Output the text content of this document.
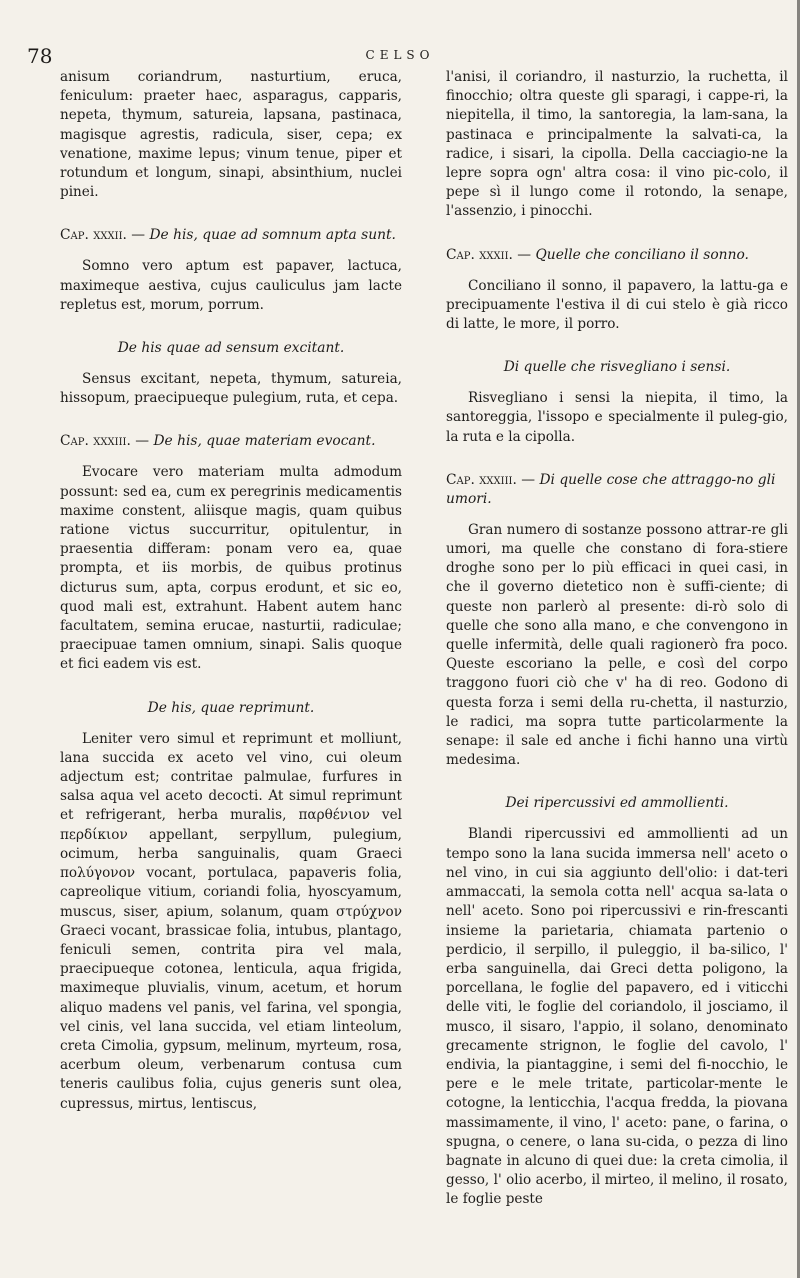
78	CELSO

anisum coriandrum, nasturtium, eruca, feniculum: praeter haec, asparagus, capparis, nepeta, thymum, satureia, lapsana, pastinaca, magisque agrestis, radicula, siser, cepa; ex venatione, maxime lepus; vinum tenue, piper et rotundum et longum, sinapi, absinthium, nuclei pinei.

Cap. xxxii. — De his, quae ad somnum apta sunt.

Somno vero aptum est papaver, lactuca, maximeque aestiva, cujus cauliculus jam lacte repletus est, morum, porrum.

De his quae ad sensum excitant.

Sensus excitant, nepeta, thymum, satureia, hissopum, praecipueque pulegium, ruta, et cepa.

Cap. xxxiii. — De his, quae materiam evocant.

Evocare vero materiam multa admodum possunt: sed ea, cum ex peregrinis medicamentis maxime constent, aliisque magis, quam quibus ratione victus succurritur, opitulentur, in praesentia differam: ponam vero ea, quae prompta, et iis morbis, de quibus protinus dicturus sum, apta, corpus erodunt, et sic eo, quod mali est, extrahunt. Habent autem hanc facultatem, semina erucae, nasturtii, radiculae; praecipuae tamen omnium, sinapi. Salis quoque et fici eadem vis est.

De his, quae reprimunt.

Leniter vero simul et reprimunt et molliunt, lana succida ex aceto vel vino, cui oleum adjectum est; contritae palmulae, furfures in salsa aqua vel aceto decocti. At simul reprimunt et refrigerant, herba muralis, παρθένιον vel περδίκιον appellant, serpyllum, pulegium, ocimum, herba sanguinalis, quam Graeci πολύγονον vocant, portulaca, papaveris folia, capreolique vitium, coriandi folia, hyoscyamum, muscus, siser, apium, solanum, quam στρύχνον Graeci vocant, brassicae folia, intubus, plantago, feniculi semen, contrita pira vel mala, praecipueque cotonea, lenticula, aqua frigida, maximeque pluvialis, vinum, acetum, et horum aliquo madens vel panis, vel farina, vel spongia, vel cinis, vel lana succida, vel etiam linteolum, creta Cimolia, gypsum, melinum, myrteum, rosa, acerbum oleum, verbenarum contusa cum teneris caulibus folia, cujus generis sunt olea, cupressus, mirtus, lentiscus,

l'anisi, il coriandro, il nasturzio, la ruchetta, il finocchio; oltra queste gli sparagi, i cappe-ri, la niepitella, il timo, la santoregia, la lam-sana, la pastinaca e principalmente la salvati-ca, la radice, i sisari, la cipolla. Della cacciagio-ne la lepre sopra ogn' altra cosa: il vino pic-colo, il pepe sì il lungo come il rotondo, la senape, l'assenzio, i pinocchi.

Cap. xxxii. — Quelle che conciliano il sonno.

Conciliano il sonno, il papavero, la lattu-ga e precipuamente l'estiva il di cui stelo è già ricco di latte, le more, il porro.

Di quelle che risvegliano i sensi.

Risvegliano i sensi la niepita, il timo, la santoreggia, l'issopo e specialmente il puleg-gio, la ruta e la cipolla.

Cap. xxxiii. — Di quelle cose che attraggo-no gli umori.

Gran numero di sostanze possono attrar-re gli umori, ma quelle che constano di fora-stiere droghe sono per lo più efficaci in quei casi, in che il governo dietetico non è suffi-ciente; di queste non parlerò al presente: di-rò solo di quelle che sono alla mano, e che convengono in quelle infermità, delle quali ragionerò fra poco. Queste escoriano la pelle, e così del corpo traggono fuori ciò che v' ha di reo. Godono di questa forza i semi della ru-chetta, il nasturzio, le radici, ma sopra tutte particolarmente la senape: il sale ed anche i fichi hanno una virtù medesima.

Dei ripercussivi ed ammollienti.

Blandi ripercussivi ed ammollienti ad un tempo sono la lana sucida immersa nell' aceto o nel vino, in cui sia aggiunto dell'olio: i dat-teri ammaccati, la semola cotta nell' acqua sa-lata o nell' aceto. Sono poi ripercussivi e rin-frescanti insieme la parietaria, chiamata partenio o perdicio, il serpillo, il puleggio, il ba-silico, l' erba sanguinella, dai Greci detta poligono, la porcellana, le foglie del papavero, ed i viticchi delle viti, le foglie del coriandolo, il josciamo, il musco, il sisaro, l'appio, il solano, denominato grecamente strignon, le foglie del cavolo, l' endivia, la piantaggine, i semi del fi-nocchio, le pere e le mele tritate, particolar-mente le cotogne, la lenticchia, l'acqua fredda, la piovana massimamente, il vino, l' aceto: pane, o farina, o spugna, o cenere, o lana su-cida, o pezza di lino bagnate in alcuno di quei due: la creta cimolia, il gesso, l' olio acerbo, il mirteo, il melino, il rosato, le foglie peste
